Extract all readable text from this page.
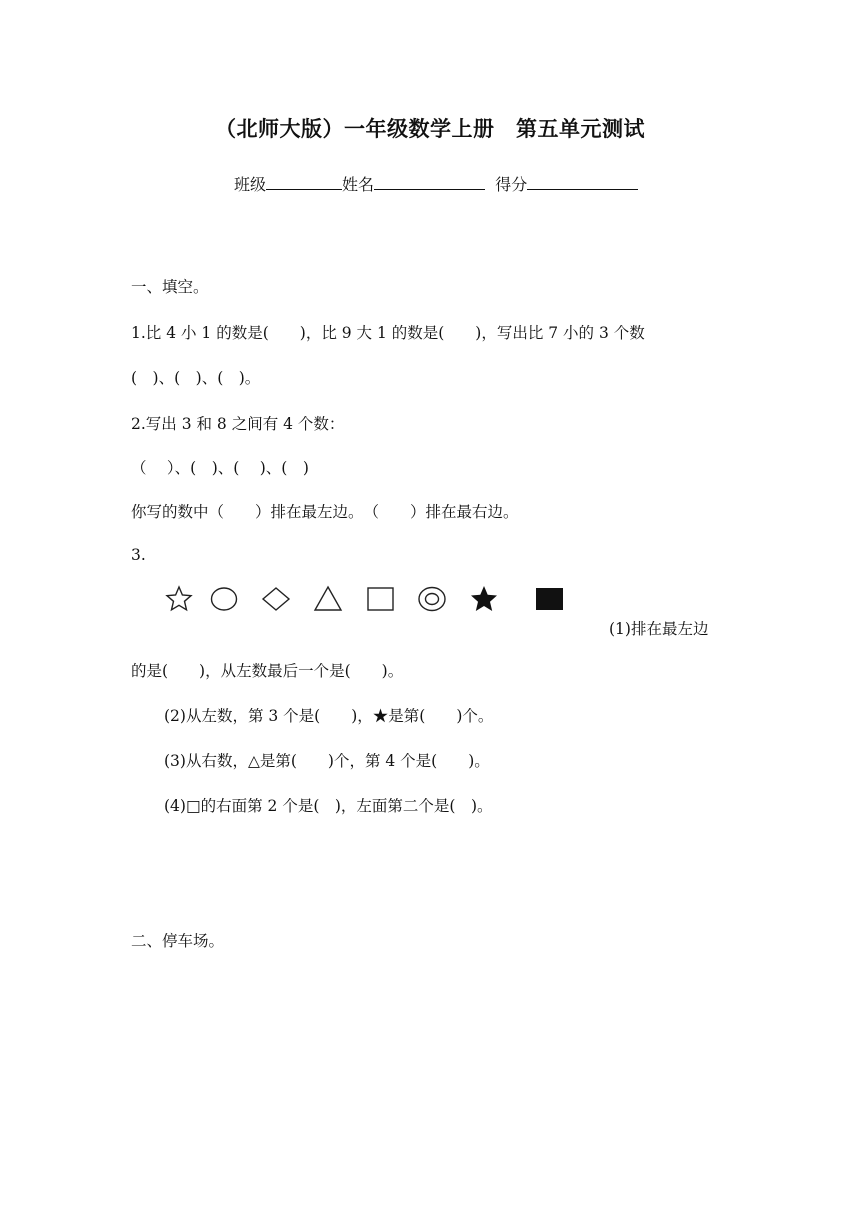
（北师大版）一年级数学上册　第五单元测试
班级	姓名	得分
一、填空。
1.比 4 小 1 的数是(　　)，比 9 大 1 的数是(　　)，写出比 7 小的 3 个数
(　)、(　)、(　)。
2.写出 3 和 8 之间有 4 个数：
（　 ）、(　)、(　 )、(　)
你写的数中（　　）排在最左边。　（　　）排在最右边。
3.
(1)排在最左边
的是(　　)，从左数最后一个是(　　)。
(2)从左数，第 3 个是(　　)，★是第(　　)个。
(3)从右数，△是第(　　)个，第 4 个是(　　)。
(4)□的右面第 2 个是(　)，左面第二个是(　)。
二、停车场。
